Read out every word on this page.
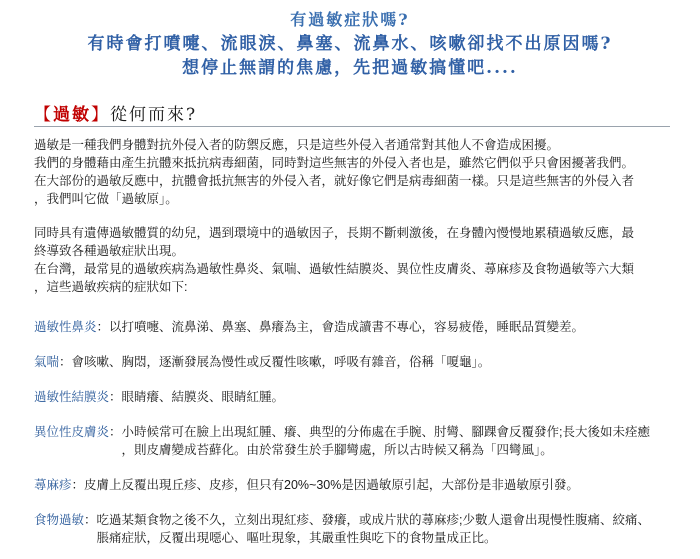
有過敏症狀嗎?
有時會打噴嚏、流眼淚、鼻塞、流鼻水、咳嗽卻找不出原因嗎?
想停止無謂的焦慮，先把過敏搞懂吧....
【過敏】從何而來?

過敏是一種我們身體對抗外侵入者的防禦反應，只是這些外侵入者通常對其他人不會造成困擾。

我們的身體藉由產生抗體來抵抗病毒細菌，同時對這些無害的外侵入者也是，雖然它們似乎只會困擾著我們。

在大部份的過敏反應中，抗體會抵抗無害的外侵入者，就好像它們是病毒細菌一樣。只是這些無害的外侵入者

，我們叫它做「過敏原」。

同時具有遺傳過敏體質的幼兒，遇到環境中的過敏因子，長期不斷刺激後，在身體內慢慢地累積過敏反應，最

終導致各種過敏症狀出現。

在台灣，最常見的過敏疾病為過敏性鼻炎、氣喘、過敏性結膜炎、異位性皮膚炎、蕁麻疹及食物過敏等六大類

，這些過敏疾病的症狀如下:

過敏性鼻炎 ： 以打噴嚏、流鼻涕、鼻塞、鼻癢為主，會造成讀書不專心，容易疲倦，睡眠品質變差。
氣喘 ： 會咳嗽、胸悶，逐漸發展為慢性或反覆性咳嗽，呼吸有雜音，俗稱「嗄龜」。
過敏性結膜炎 ： 眼睛癢、結膜炎、眼睛紅腫。
異位性皮膚炎 ： 小時候常可在臉上出現紅腫、癢、典型的分佈處在手腕、肘彎、腳踝會反覆發作;長大後如未痊癒
，則皮膚變成苔蘚化。由於常發生於手腳彎處，所以古時候又稱為「四彎風」。
蕁麻疹 ： 皮膚上反覆出現丘疹、皮疹，但只有20%~30%是因過敏原引起，大部份是非過敏原引發。
食物過敏 ： 吃過某類食物之後不久，立刻出現紅疹、發癢，或成片狀的蕁麻疹;少數人還會出現慢性腹痛、絞痛、
脹痛症狀，反覆出現噁心、嘔吐現象，其嚴重性與吃下的食物量成正比。
